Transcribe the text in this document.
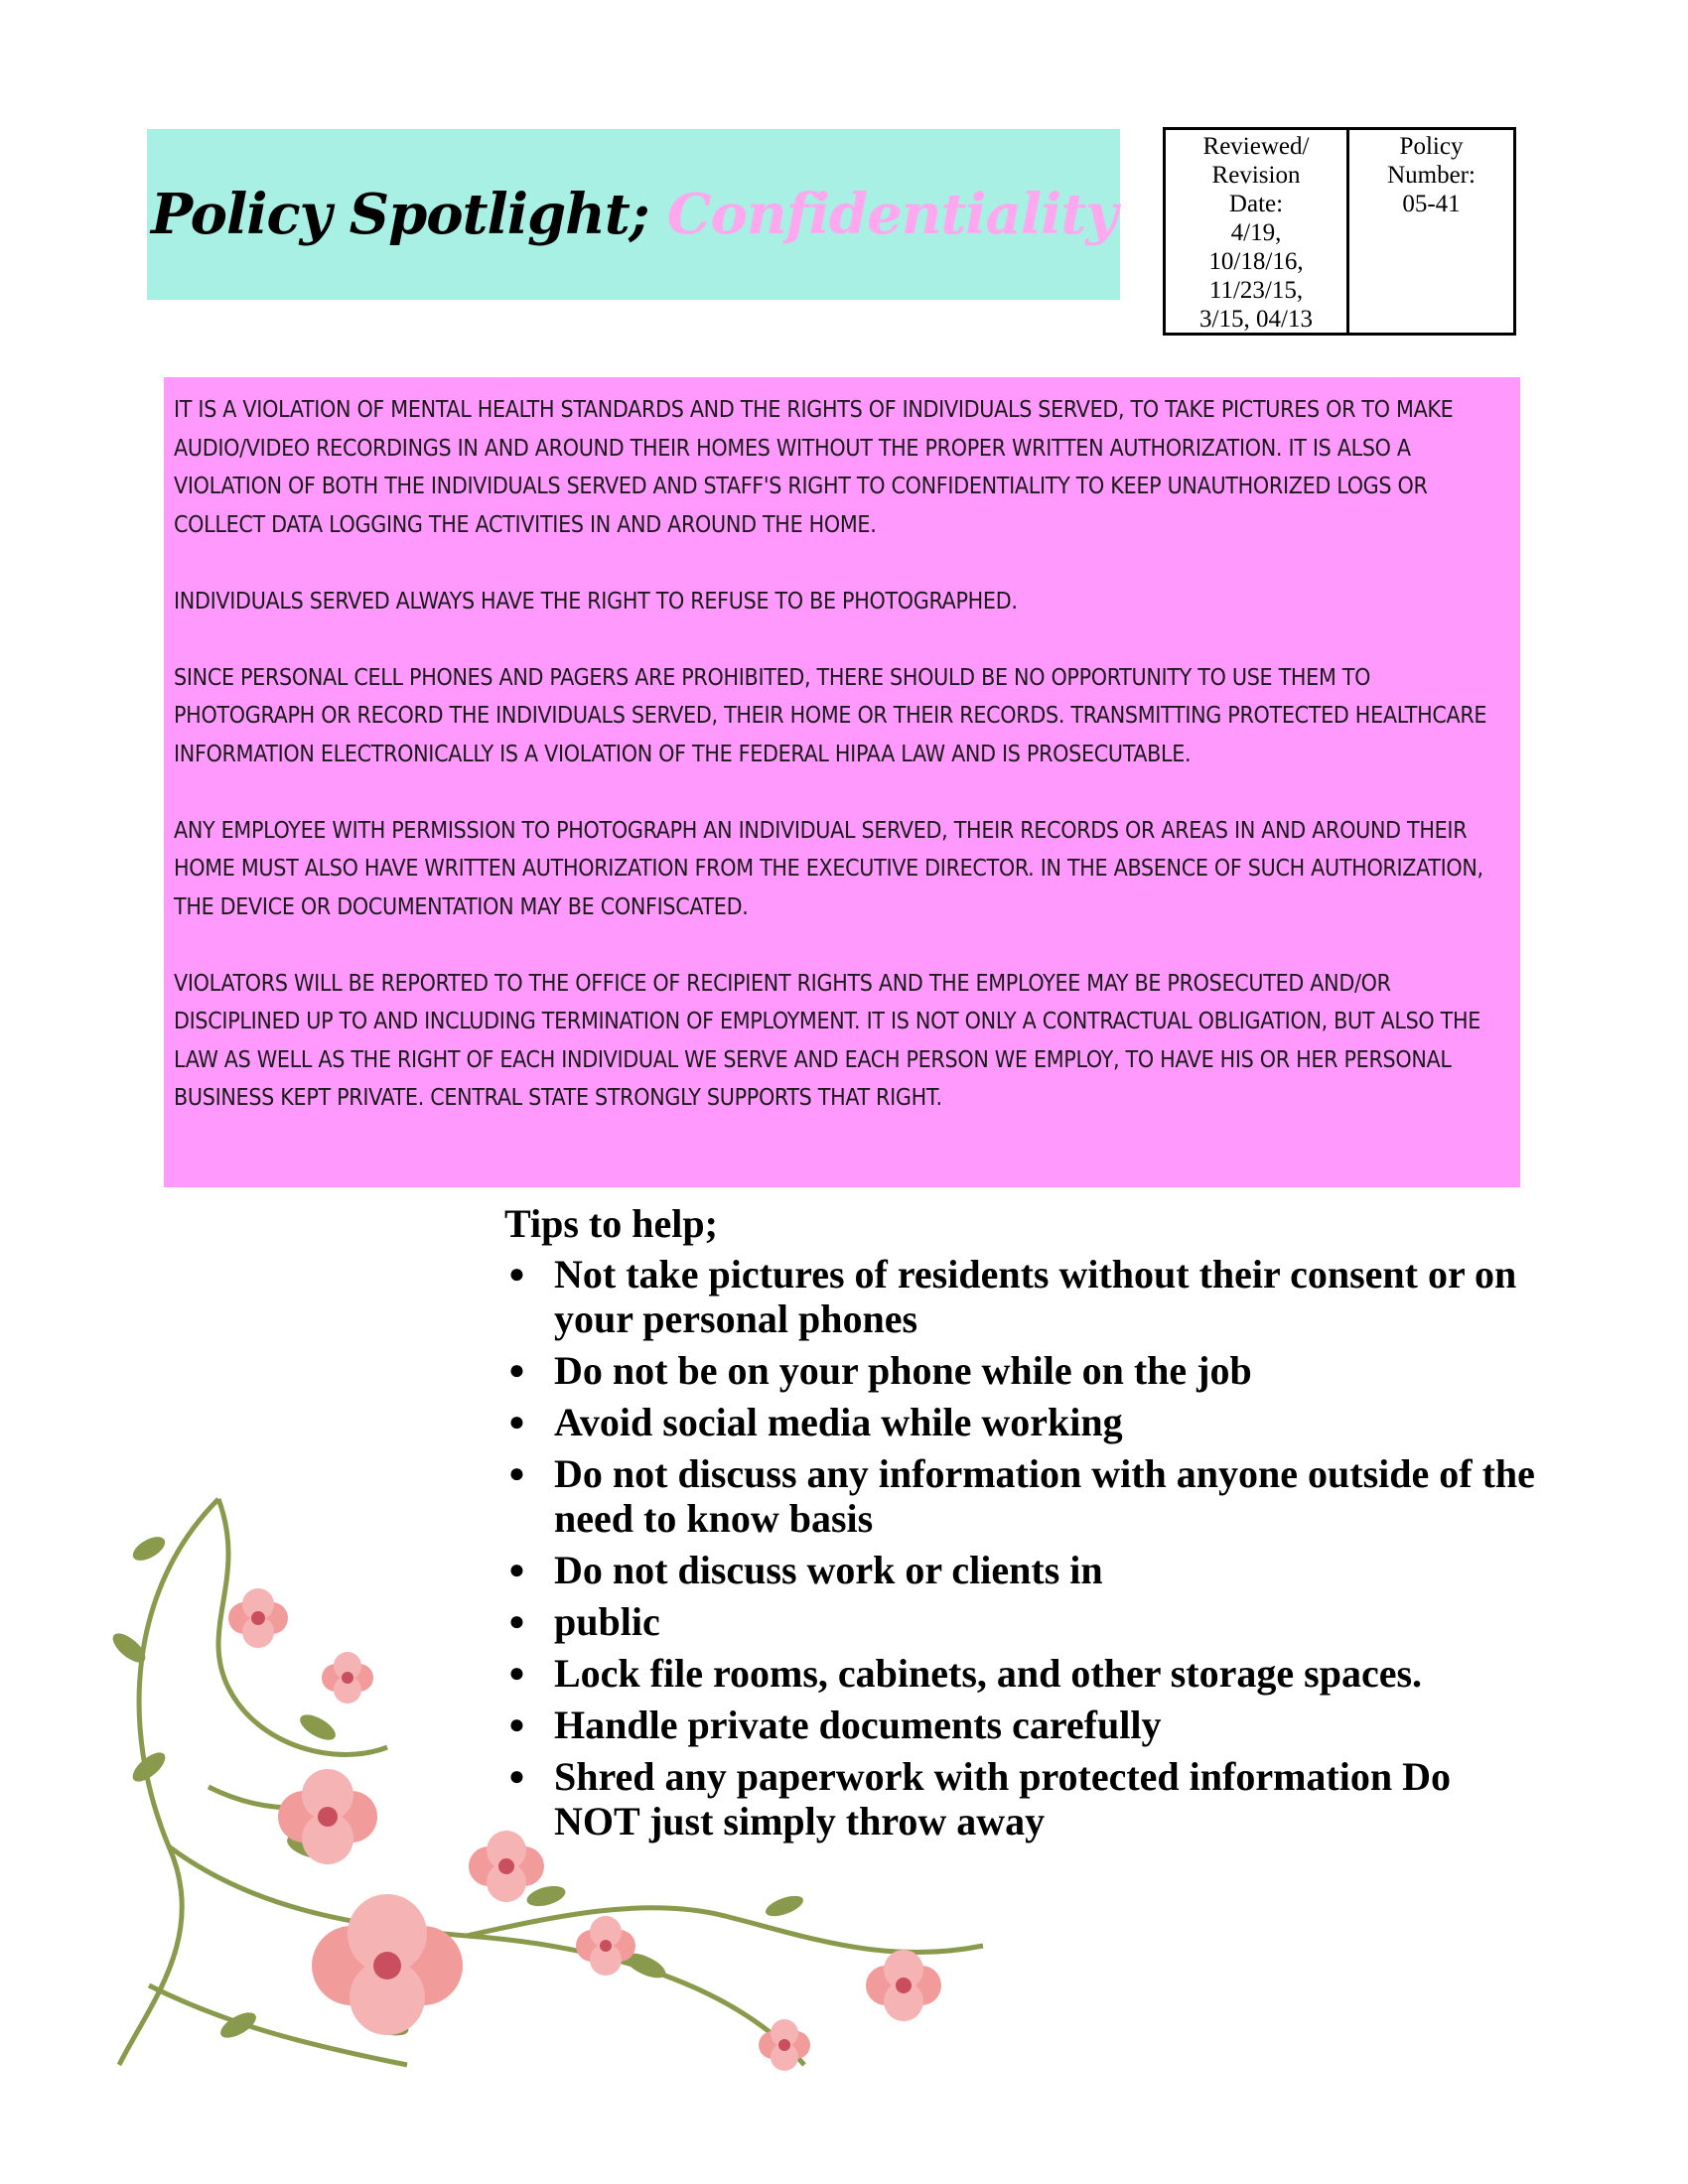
Policy Spotlight; Confidentiality
Reviewed/
Revision
Date:
4/19,
10/18/16,
11/23/15,
3/15, 04/13
Policy
Number:
05-41

IT IS A VIOLATION OF MENTAL HEALTH STANDARDS AND THE RIGHTS OF INDIVIDUALS SERVED, TO TAKE PICTURES OR TO MAKE AUDIO/VIDEO RECORDINGS IN AND AROUND THEIR HOMES WITHOUT THE PROPER WRITTEN AUTHORIZATION. IT IS ALSO A VIOLATION OF BOTH THE INDIVIDUALS SERVED AND STAFF'S RIGHT TO CONFIDENTIALITY TO KEEP UNAUTHORIZED LOGS OR COLLECT DATA LOGGING THE ACTIVITIES IN AND AROUND THE HOME.

INDIVIDUALS SERVED ALWAYS HAVE THE RIGHT TO REFUSE TO BE PHOTOGRAPHED.

SINCE PERSONAL CELL PHONES AND PAGERS ARE PROHIBITED, THERE SHOULD BE NO OPPORTUNITY TO USE THEM TO PHOTOGRAPH OR RECORD THE INDIVIDUALS SERVED, THEIR HOME OR THEIR RECORDS. TRANSMITTING PROTECTED HEALTHCARE INFORMATION ELECTRONICALLY IS A VIOLATION OF THE FEDERAL HIPAA LAW AND IS PROSECUTABLE.

ANY EMPLOYEE WITH PERMISSION TO PHOTOGRAPH AN INDIVIDUAL SERVED, THEIR RECORDS OR AREAS IN AND AROUND THEIR HOME MUST ALSO HAVE WRITTEN AUTHORIZATION FROM THE EXECUTIVE DIRECTOR. IN THE ABSENCE OF SUCH AUTHORIZATION, THE DEVICE OR DOCUMENTATION MAY BE CONFISCATED.

VIOLATORS WILL BE REPORTED TO THE OFFICE OF RECIPIENT RIGHTS AND THE EMPLOYEE MAY BE PROSECUTED AND/OR DISCIPLINED UP TO AND INCLUDING TERMINATION OF EMPLOYMENT. IT IS NOT ONLY A CONTRACTUAL OBLIGATION, BUT ALSO THE LAW AS WELL AS THE RIGHT OF EACH INDIVIDUAL WE SERVE AND EACH PERSON WE EMPLOY, TO HAVE HIS OR HER PERSONAL BUSINESS KEPT PRIVATE. CENTRAL STATE STRONGLY SUPPORTS THAT RIGHT.

Tips to help;
● Not take pictures of residents without their consent or on your personal phones
● Do not be on your phone while on the job
● Avoid social media while working
● Do not discuss any information with anyone outside of the need to know basis
● Do not discuss work or clients in
● public
● Lock file rooms, cabinets, and other storage spaces.
● Handle private documents carefully
● Shred any paperwork with protected information Do NOT just simply throw away
